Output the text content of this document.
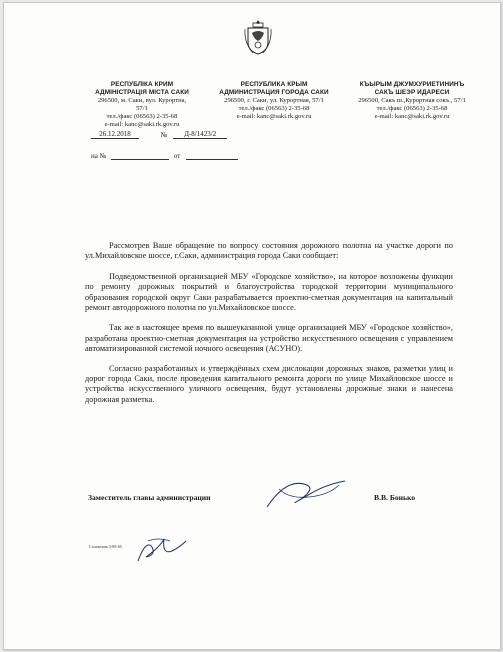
РЕСПУБЛІКА КРИМ
АДМІНІСТРАЦІЯ МІСТА САКИ
296500, м. Саки, вул. Курортна, 57/1
тел./факс (06563) 2-35-68
e-mail: kanc@saki.rk.gov.ru
РЕСПУБЛИКА КРЫМ
АДМИНИСТРАЦИЯ ГОРОДА САКИ
296500, г. Саки, ул. Курортная, 57/1
тел./факс (06563) 2-35-68
e-mail: kanc@saki.rk.gov.ru
КЪЫРЫМ ДЖУМХУРИЕТИНИНЪ
САКЪ ШЕЭР ИДАРЕСИ
296500, Сакъ ш.,Курортная сокъ., 57/1
тел./факс (06563) 2-35-68
e-mail: kanc@saki.rk.gov.ru
26.12.2018	№ Д-8/1423/2
на №	от

Рассмотрев Ваше обращение по вопросу состояния дорожного полотна на участке дороги по ул.Михайловское шоссе, г.Саки, администрация города Саки сообщает:

Подведомственной организацией МБУ «Городское хозяйство», на которое возложены функции по ремонту дорожных покрытий и благоустройства городской территории муниципального образования городской округ Саки разрабатывается проектно-сметная документация на капитальный ремонт автодорожного полотна по ул.Михайловское шоссе.

Так же в настоящее время по вышеуказанной улице организацией МБУ «Городское хозяйство», разработана проектно-сметная документация на устройство искусственного освещения с управлением автоматизированной системой ночного освещения (АСУНО).

Согласно разработанных и утверждённых схем дислокации дорожных знаков, разметки улиц и дорог города Саки, после проведения капитального ремонта дороги по улице Михайловское шоссе и устройства искусственного уличного освещения, будут установлены дорожные знаки и нанесена дорожная разметка.

Заместитель главы администрации	В.В. Бонько
Соловская 3-09-65
